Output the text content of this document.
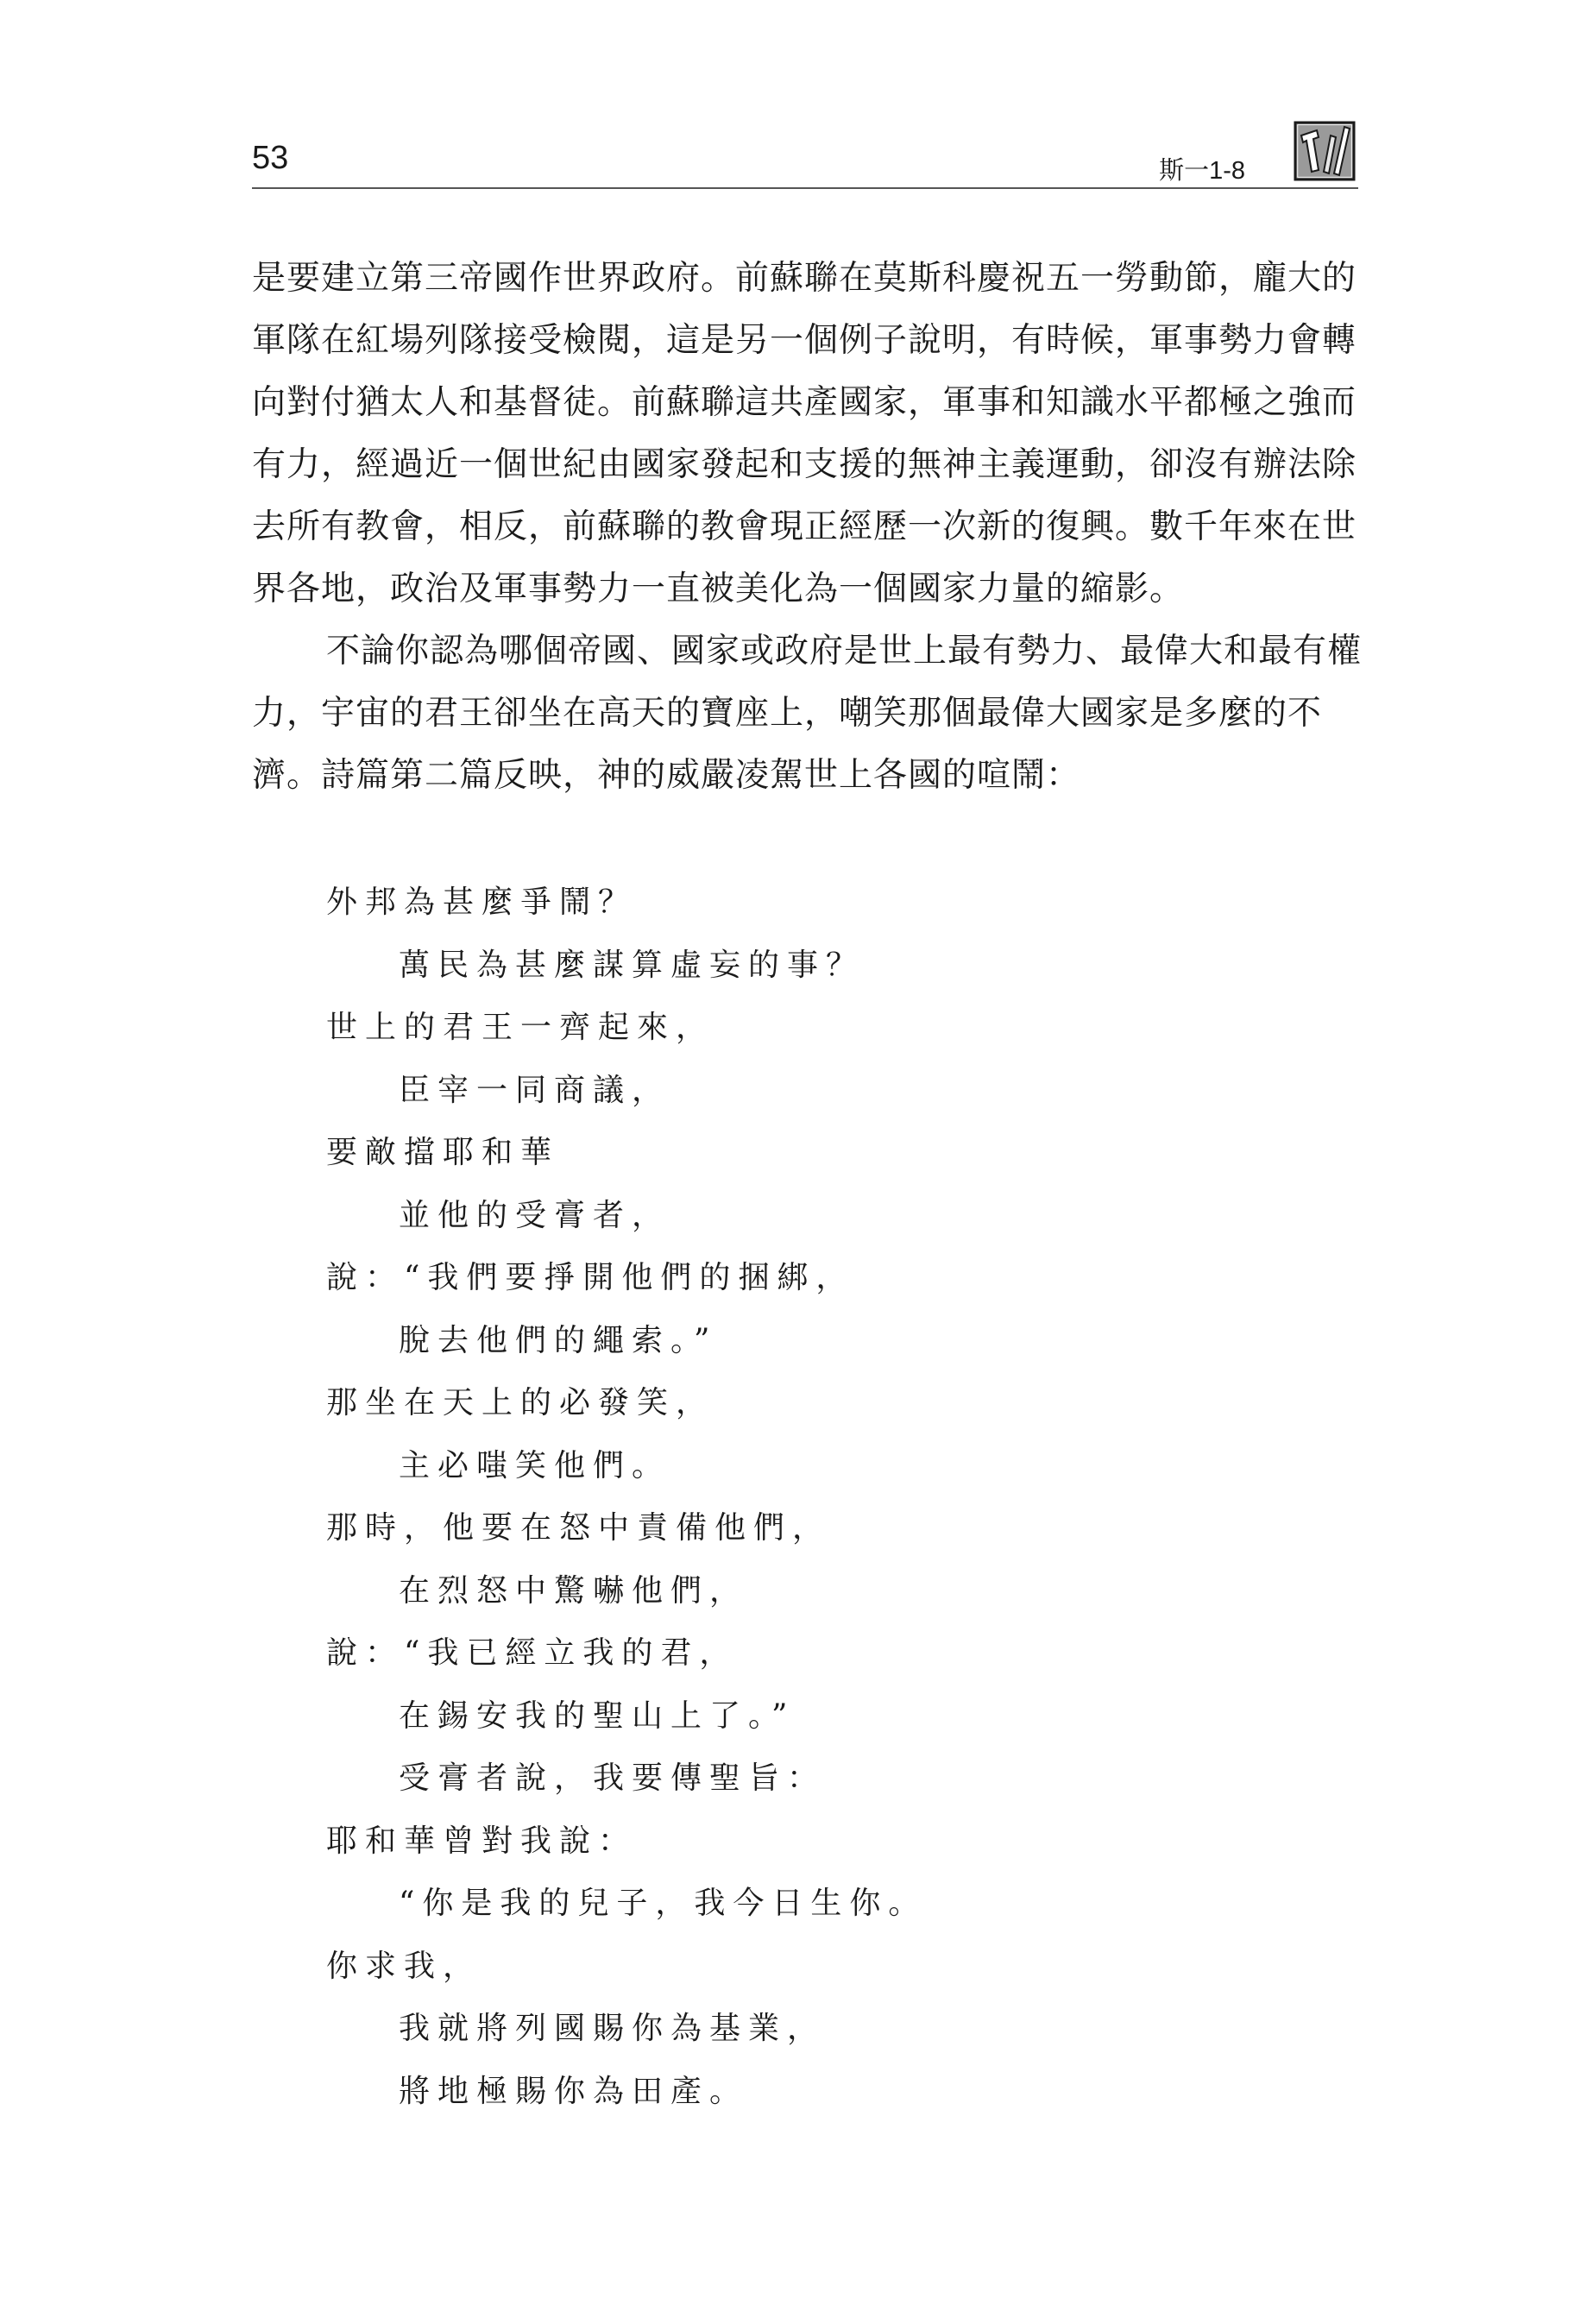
53	斯一1-8

是要建立第三帝國作世界政府。前蘇聯在莫斯科慶祝五一勞動節，龐大的軍隊在紅場列隊接受檢閱，這是另一個例子說明，有時候，軍事勢力會轉向對付猶太人和基督徒。前蘇聯這共產國家，軍事和知識水平都極之強而有力，經過近一個世紀由國家發起和支援的無神主義運動，卻沒有辦法除去所有教會，相反，前蘇聯的教會現正經歷一次新的復興。數千年來在世界各地，政治及軍事勢力一直被美化為一個國家力量的縮影。

不論你認為哪個帝國、國家或政府是世上最有勢力、最偉大和最有權力，宇宙的君王卻坐在高天的寶座上，嘲笑那個最偉大國家是多麼的不濟。詩篇第二篇反映，神的威嚴凌駕世上各國的喧鬧：

外邦為甚麼爭鬧？
萬民為甚麼謀算虛妄的事？
世上的君王一齊起來，
臣宰一同商議，
要敵擋耶和華
並他的受膏者，
說：“我們要掙開他們的捆綁，
脫去他們的繩索。”
那坐在天上的必發笑，
主必嗤笑他們。
那時，他要在怒中責備他們，
在烈怒中驚嚇他們，
說：“我已經立我的君，
在錫安我的聖山上了。”
受膏者說，我要傳聖旨：
耶和華曾對我說：
“你是我的兒子，我今日生你。
你求我，
我就將列國賜你為基業，
將地極賜你為田產。
